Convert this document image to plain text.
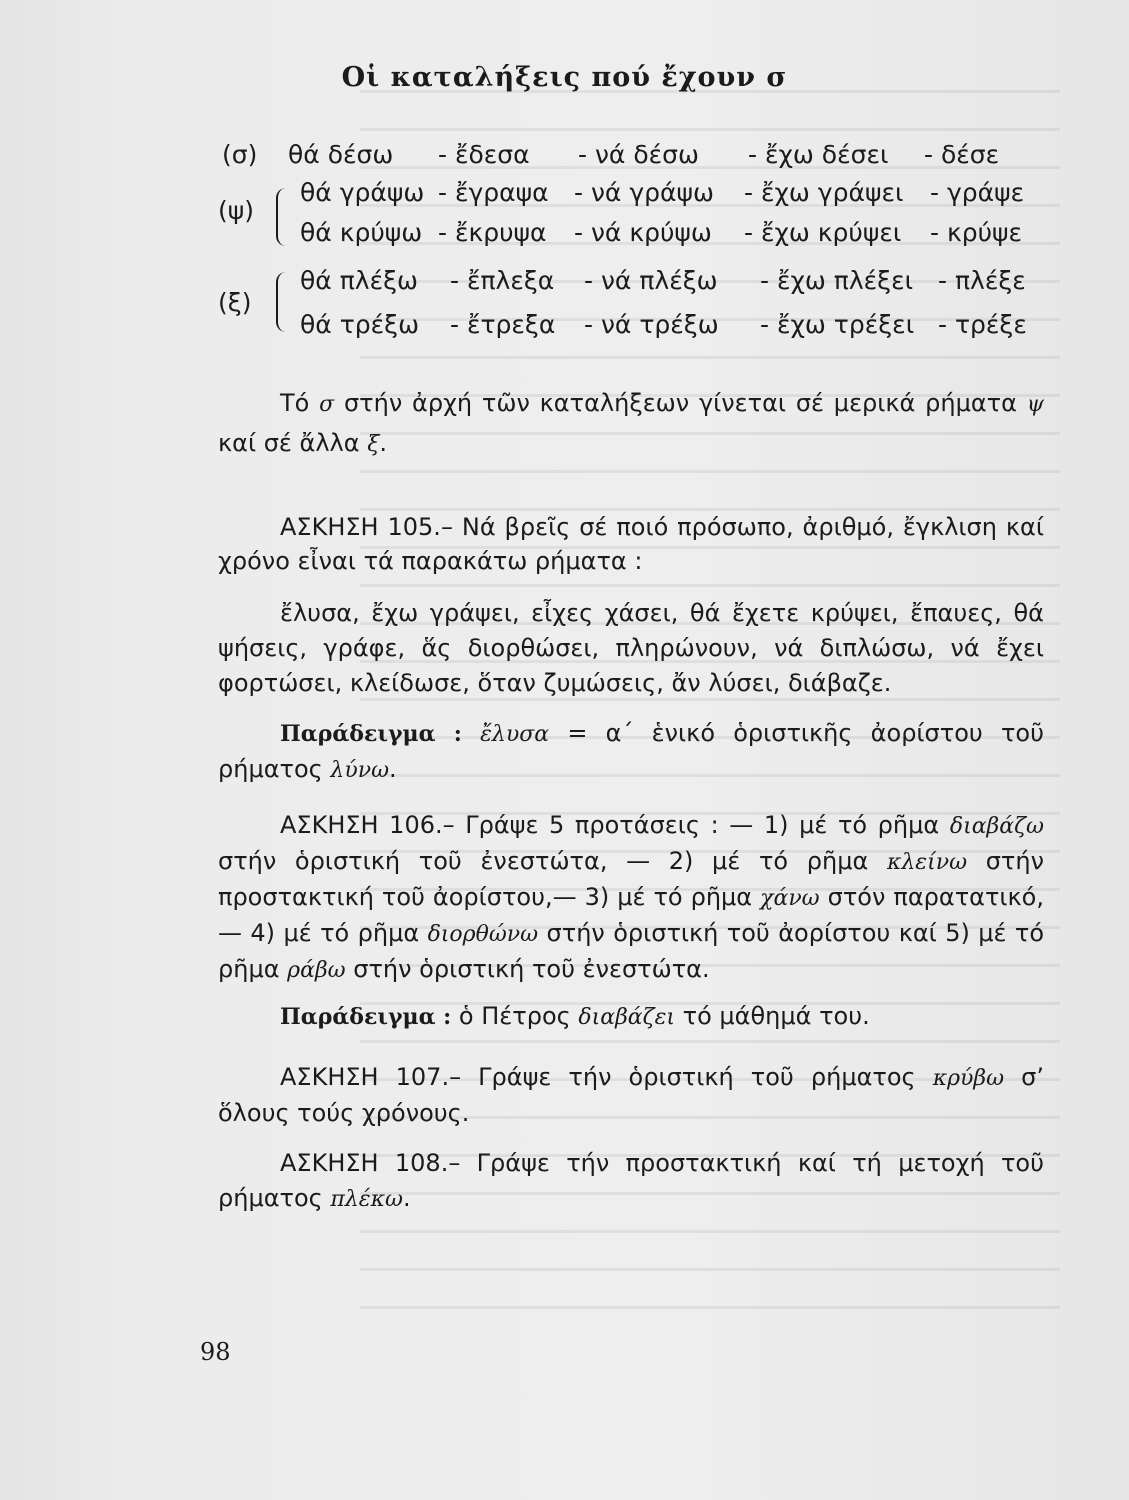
Οἱ καταλήξεις πού ἔχουν σ
(σ)	θά δέσω	- ἔδεσα	- νά δέσω	- ἔχω δέσει	- δέσε
(ψ)
θά γράψω - ἔγραψα	- νά γράψω	- ἔχω γράψει	- γράψε
θά κρύψω - ἔκρυψα	- νά κρύψω	- ἔχω κρύψει	- κρύψε
(ξ)
θά πλέξω	- ἔπλεξα	- νά πλέξω	- ἔχω πλέξει - πλέξε
θά τρέξω	- ἔτρεξα	- νά τρέξω	- ἔχω τρέξει - τρέξε
Τό σ στήν ἀρχή τῶν καταλήξεων γίνεται σέ μερικά ρήματα ψ καί σέ ἄλλα ξ.
ΑΣΚΗΣΗ 105.– Νά βρεῖς σέ ποιό πρόσωπο, ἀριθμό, ἔγκλιση καί χρόνο εἶναι τά παρακάτω ρήματα :
ἔλυσα, ἔχω γράψει, εἶχες χάσει, θά ἔχετε κρύψει, ἔπαυες, θά ψήσεις, γράφε, ἅς διορθώσει, πληρώνουν, νά διπλώσω, νά ἔχει φορτώσει, κλείδωσε, ὅταν ζυμώσεις, ἄν λύσει, διάβαζε.
Παράδειγμα : ἔλυσα = α΄ ἑνικό ὁριστικῆς ἀορίστου τοῦ ρήματος λύνω.
ΑΣΚΗΣΗ 106.– Γράψε 5 προτάσεις : — 1) μέ τό ρῆμα διαβάζω στήν ὁριστική τοῦ ἐνεστώτα, — 2) μέ τό ρῆμα κλείνω στήν προστακτική τοῦ ἀορίστου,— 3) μέ τό ρῆμα χάνω στόν παρατατικό, — 4) μέ τό ρῆμα διορθώνω στήν ὁριστική τοῦ ἀορίστου καί 5) μέ τό ρῆμα ράβω στήν ὁριστική τοῦ ἐνεστώτα.
Παράδειγμα : ὁ Πέτρος διαβάζει τό μάθημά του.
ΑΣΚΗΣΗ 107.– Γράψε τήν ὁριστική τοῦ ρήματος κρύβω σ’ ὅλους τούς χρόνους.
ΑΣΚΗΣΗ 108.– Γράψε τήν προστακτική καί τή μετοχή τοῦ ρήματος πλέκω.
98
